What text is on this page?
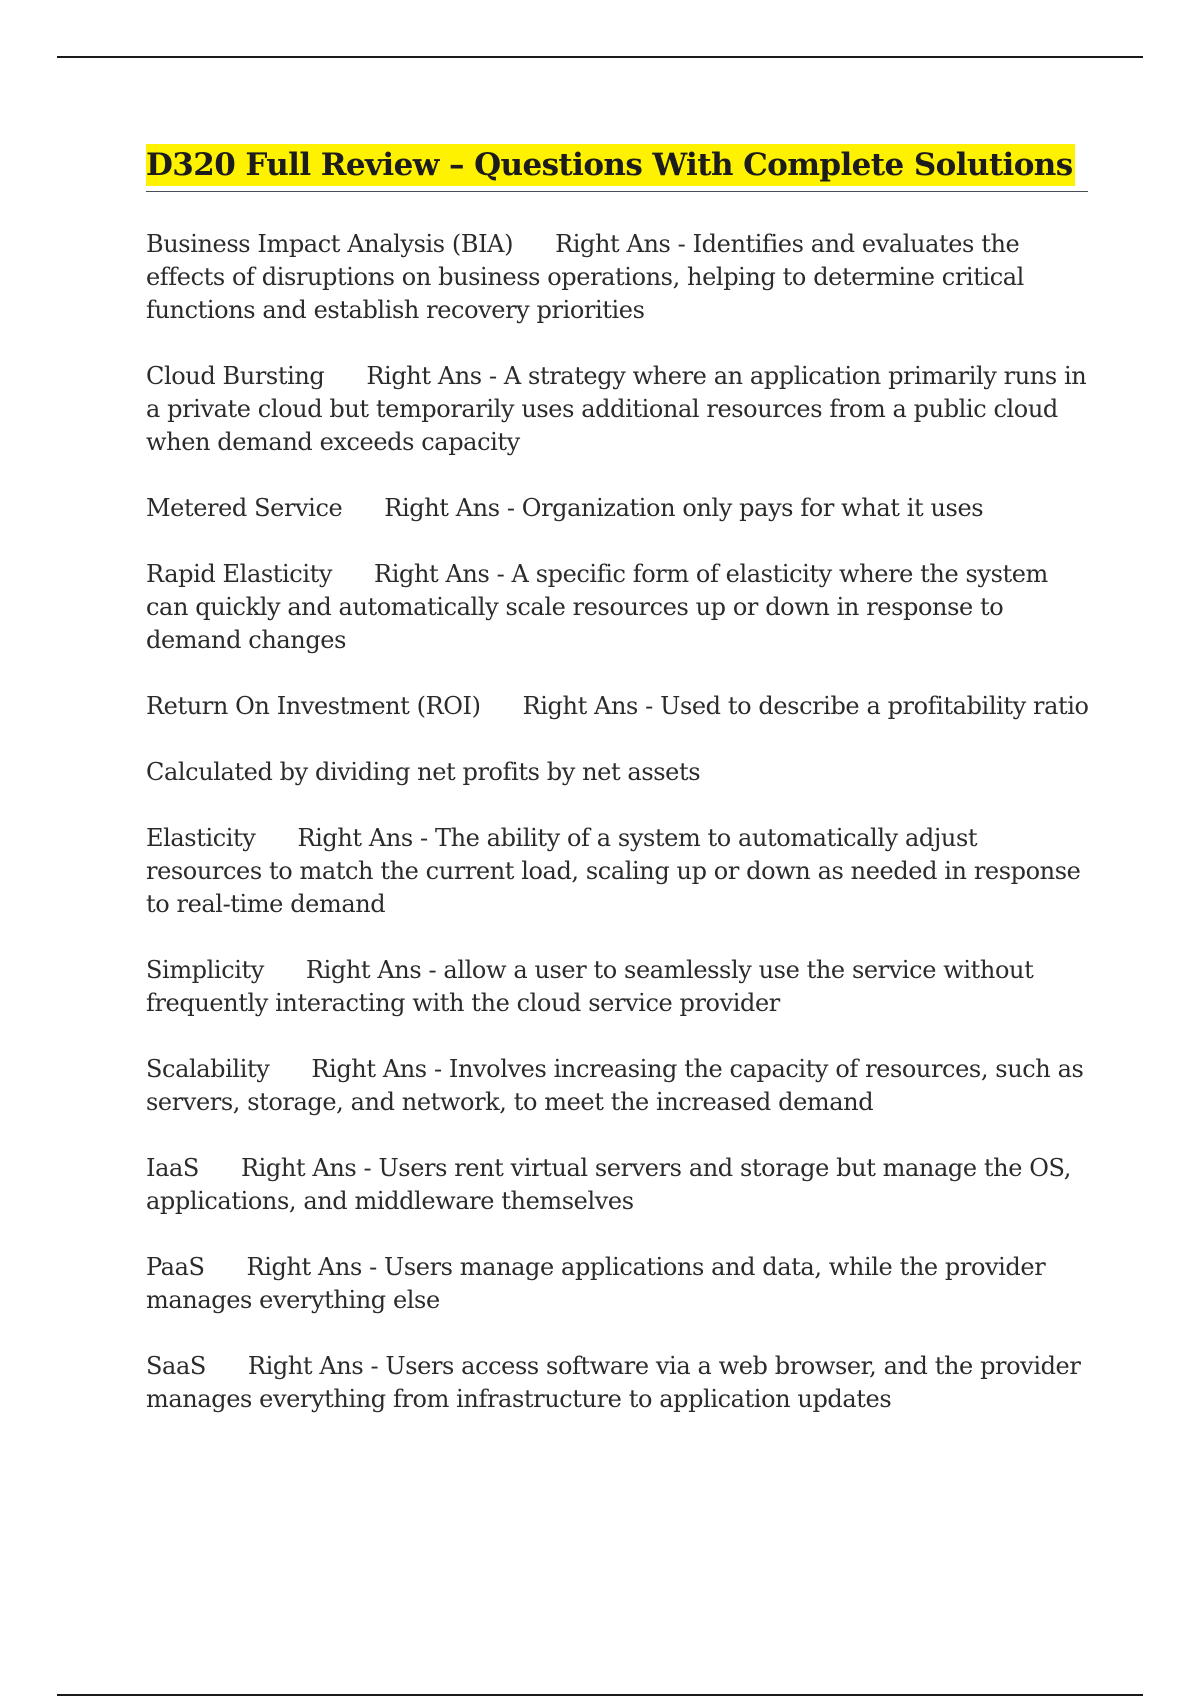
D320 Full Review – Questions With Complete Solutions

Business Impact Analysis (BIA) Right Ans - Identifies and evaluates the effects of disruptions on business operations, helping to determine critical functions and establish recovery priorities

Cloud Bursting Right Ans - A strategy where an application primarily runs in a private cloud but temporarily uses additional resources from a public cloud when demand exceeds capacity

Metered Service Right Ans - Organization only pays for what it uses

Rapid Elasticity Right Ans - A specific form of elasticity where the system can quickly and automatically scale resources up or down in response to demand changes

Return On Investment (ROI) Right Ans - Used to describe a profitability ratio

Calculated by dividing net profits by net assets

Elasticity Right Ans - The ability of a system to automatically adjust resources to match the current load, scaling up or down as needed in response to real-time demand

Simplicity Right Ans - allow a user to seamlessly use the service without frequently interacting with the cloud service provider

Scalability Right Ans - Involves increasing the capacity of resources, such as servers, storage, and network, to meet the increased demand

IaaS Right Ans - Users rent virtual servers and storage but manage the OS, applications, and middleware themselves

PaaS Right Ans - Users manage applications and data, while the provider manages everything else

SaaS Right Ans - Users access software via a web browser, and the provider manages everything from infrastructure to application updates
